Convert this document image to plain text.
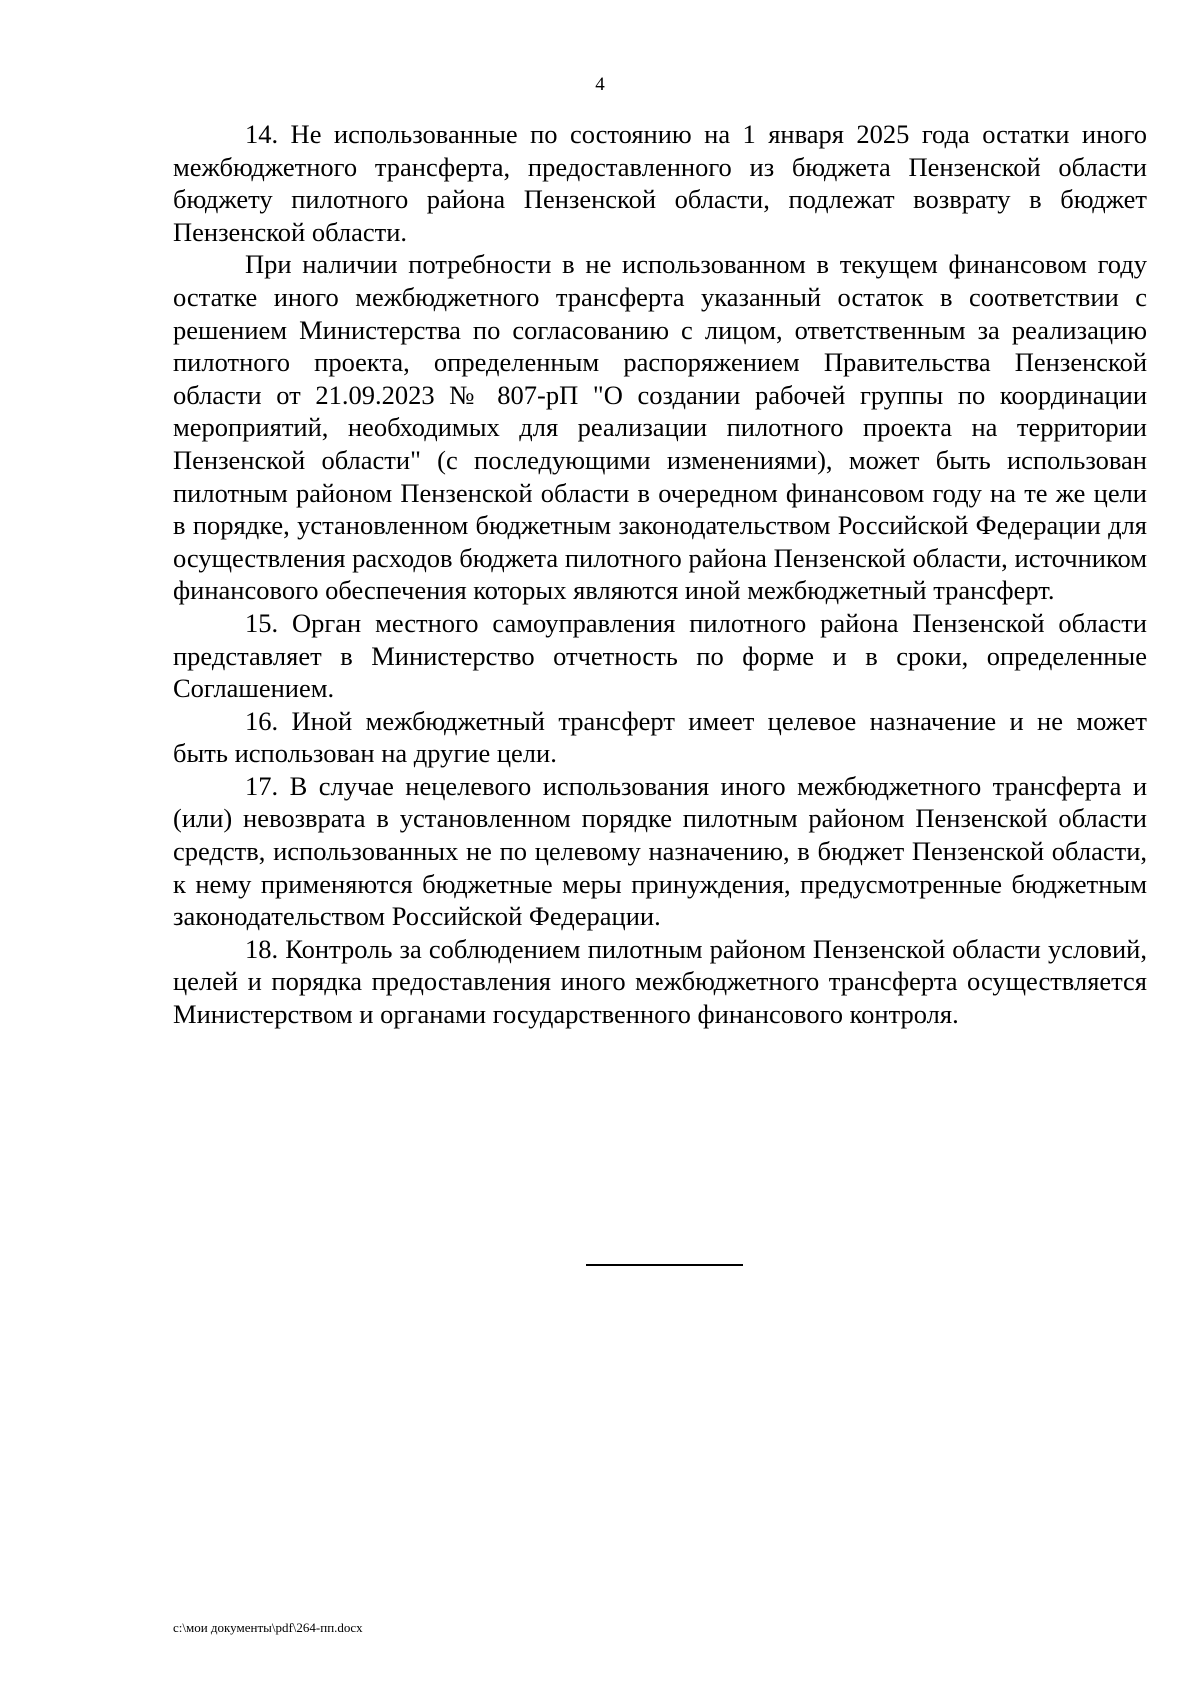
4

14. Не использованные по состоянию на 1 января 2025 года остатки иного межбюджетного трансферта, предоставленного из бюджета Пензенской области бюджету пилотного района Пензенской области, подлежат возврату в бюджет Пензенской области.

При наличии потребности в не использованном в текущем финансовом году остатке иного межбюджетного трансферта указанный остаток в соответствии с решением Министерства по согласованию с лицом, ответственным за реализацию пилотного проекта, определенным распоряжением Правительства Пензенской области от 21.09.2023 № 807-рП "О создании рабочей группы по координации мероприятий, необходимых для реализации пилотного проекта на территории Пензенской области" (с последующими изменениями), может быть использован пилотным районом Пензенской области в очередном финансовом году на те же цели в порядке, установленном бюджетным законодательством Российской Федерации для осуществления расходов бюджета пилотного района Пензенской области, источником финансового обеспечения которых являются иной межбюджетный трансферт.

15. Орган местного самоуправления пилотного района Пензенской области представляет в Министерство отчетность по форме и в сроки, определенные Соглашением.

16. Иной межбюджетный трансферт имеет целевое назначение и не может быть использован на другие цели.

17. В случае нецелевого использования иного межбюджетного трансферта и (или) невозврата в установленном порядке пилотным районом Пензенской области средств, использованных не по целевому назначению, в бюджет Пензенской области, к нему применяются бюджетные меры принуждения, предусмотренные бюджетным законодательством Российской Федерации.

18. Контроль за соблюдением пилотным районом Пензенской области условий, целей и порядка предоставления иного межбюджетного трансферта осуществляется Министерством и органами государственного финансового контроля.

c:\мои документы\pdf\264-пп.docx
